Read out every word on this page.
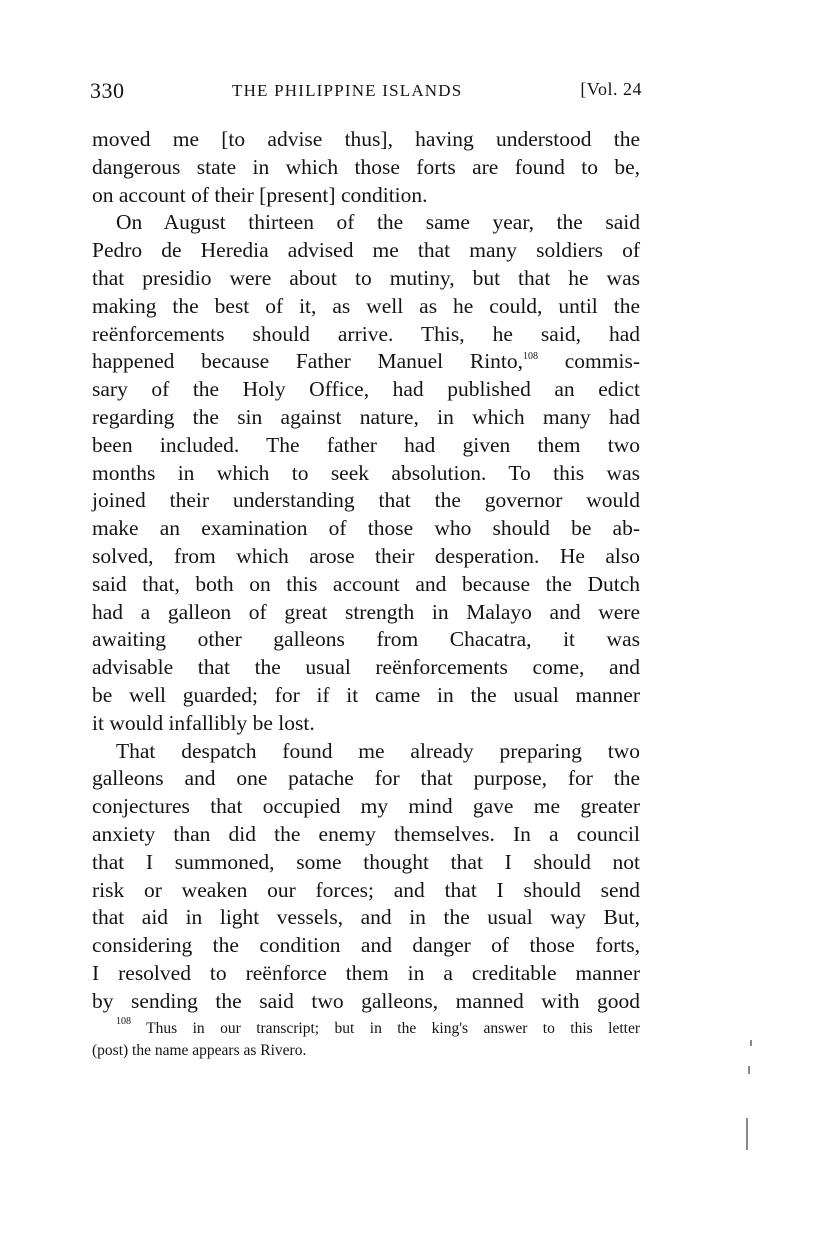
330	THE PHILIPPINE ISLANDS	[Vol. 24
moved me [to advise thus], having understood the
dangerous state in which those forts are found to be,
on account of their [present] condition.
On August thirteen of the same year, the said
Pedro de Heredia advised me that many soldiers of
that presidio were about to mutiny, but that he was
making the best of it, as well as he could, until the
reënforcements should arrive. This, he said, had
happened because Father Manuel Rinto,$^{108}$ commis-
sary of the Holy Office, had published an edict
regarding the sin against nature, in which many had
been included. The father had given them two
months in which to seek absolution. To this was
joined their understanding that the governor would
make an examination of those who should be ab-
solved, from which arose their desperation. He also
said that, both on this account and because the Dutch
had a galleon of great strength in Malayo and were
awaiting other galleons from Chacatra, it was
advisable that the usual reënforcements come, and
be well guarded; for if it came in the usual manner
it would infallibly be lost.
That despatch found me already preparing two
galleons and one patache for that purpose, for the
conjectures that occupied my mind gave me greater
anxiety than did the enemy themselves. In a council
that I summoned, some thought that I should not
risk or weaken our forces; and that I should send
that aid in light vessels, and in the usual way But,
considering the condition and danger of those forts,
I resolved to reënforce them in a creditable manner
by sending the said two galleons, manned with good
$^{108}$ Thus in our transcript; but in the king's answer to this letter
(post) the name appears as Rivero.
